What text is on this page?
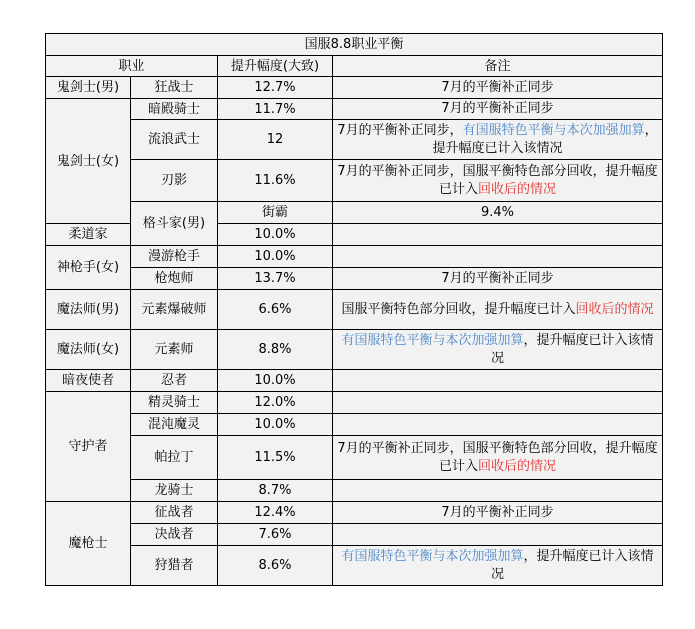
国服8.8职业平衡				
职业		提升幅度(大致)	备注	
鬼剑士(男)	狂战士	12.7%	7月的平衡补正同步	
鬼剑士(女)	暗殿骑士	11.7%	7月的平衡补正同步	
	流浪武士	12	7月的平衡补正同步，有国服特色平衡与本次加强加算，提升幅度已计入该情况	
	刃影	11.6%	7月的平衡补正同步，国服平衡特色部分回收，提升幅度已计入回收后的情况	
	格斗家(男)	街霸	9.4%	
柔道家		10.0%		
神枪手(女)	漫游枪手	10.0%		
	枪炮师	13.7%	7月的平衡补正同步	
魔法师(男)	元素爆破师	6.6%	国服平衡特色部分回收，提升幅度已计入回收后的情况	
魔法师(女)	元素师	8.8%	有国服特色平衡与本次加强加算，提升幅度已计入该情况	
暗夜使者	忍者	10.0%		
守护者	精灵骑士	12.0%		
	混沌魔灵	10.0%		
	帕拉丁	11.5%	7月的平衡补正同步，国服平衡特色部分回收，提升幅度已计入回收后的情况	
	龙骑士	8.7%		
魔枪士	征战者	12.4%	7月的平衡补正同步	
	决战者	7.6%		
	狩猎者	8.6%	有国服特色平衡与本次加强加算，提升幅度已计入该情况	
